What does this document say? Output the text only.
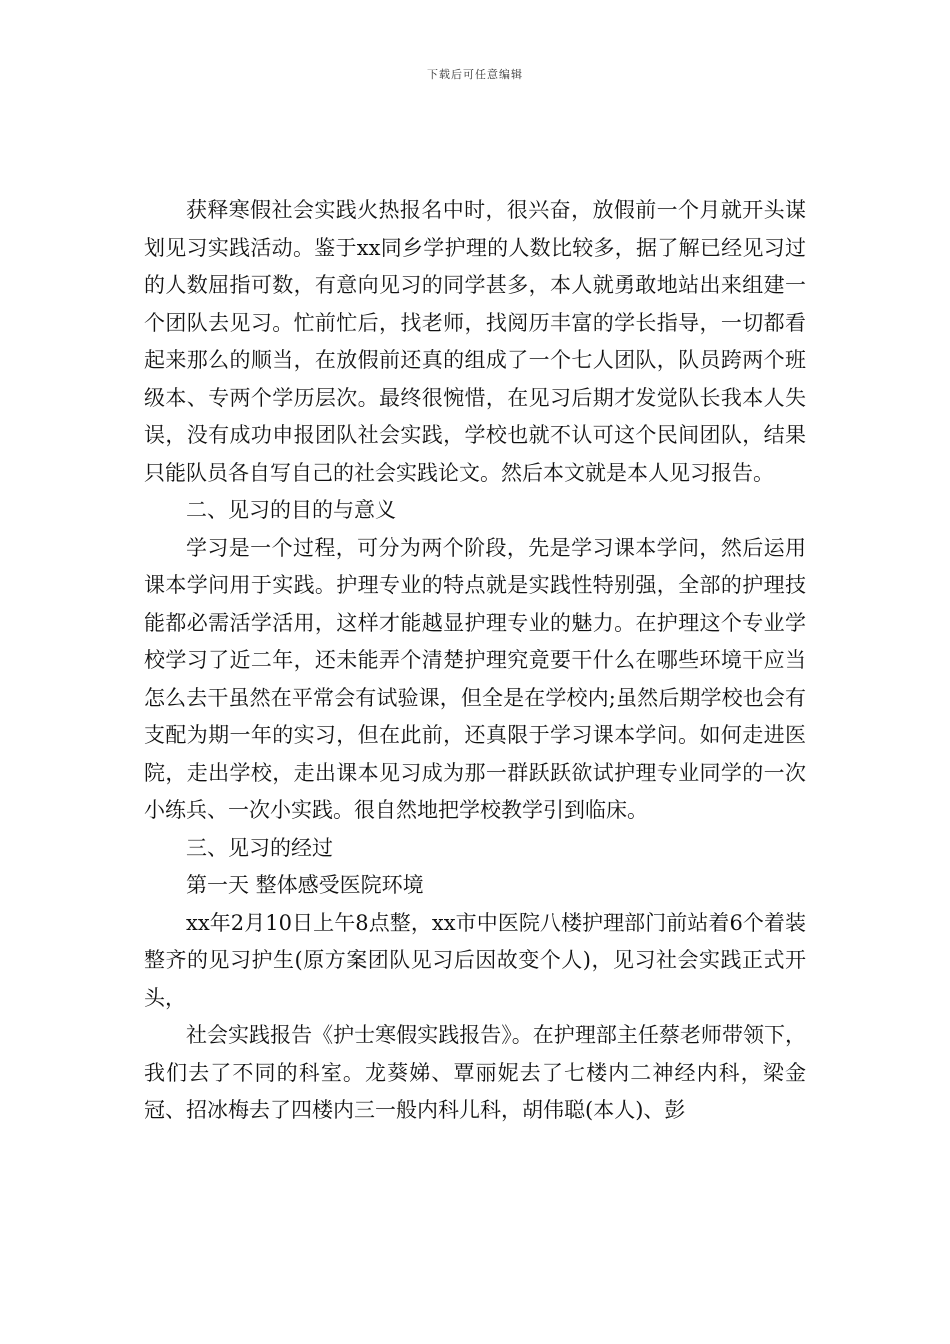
下载后可任意编辑

获释寒假社会实践火热报名中时，很兴奋，放假前一个月就开头谋划见习实践活动。鉴于xx同乡学护理的人数比较多，据了解已经见习过的人数屈指可数，有意向见习的同学甚多，本人就勇敢地站出来组建一个团队去见习。忙前忙后，找老师，找阅历丰富的学长指导，一切都看起来那么的顺当，在放假前还真的组成了一个七人团队，队员跨两个班级本、专两个学历层次。最终很惋惜，在见习后期才发觉队长我本人失误，没有成功申报团队社会实践，学校也就不认可这个民间团队，结果只能队员各自写自己的社会实践论文。然后本文就是本人见习报告。

二、见习的目的与意义

学习是一个过程，可分为两个阶段，先是学习课本学问，然后运用课本学问用于实践。护理专业的特点就是实践性特别强，全部的护理技能都必需活学活用，这样才能越显护理专业的魅力。在护理这个专业学校学习了近二年，还未能弄个清楚护理究竟要干什么在哪些环境干应当怎么去干虽然在平常会有试验课，但全是在学校内;虽然后期学校也会有支配为期一年的实习，但在此前，还真限于学习课本学问。如何走进医院，走出学校，走出课本见习成为那一群跃跃欲试护理专业同学的一次小练兵、一次小实践。很自然地把学校教学引到临床。

三、见习的经过

第一天 整体感受医院环境

xx年2月10日上午8点整，xx市中医院八楼护理部门前站着6个着装整齐的见习护生(原方案团队见习后因故变个人)，见习社会实践正式开头，

社会实践报告《护士寒假实践报告》。在护理部主任蔡老师带领下，我们去了不同的科室。龙葵娣、覃丽妮去了七楼内二神经内科，梁金冠、招冰梅去了四楼内三一般内科儿科，胡伟聪(本人)、彭
